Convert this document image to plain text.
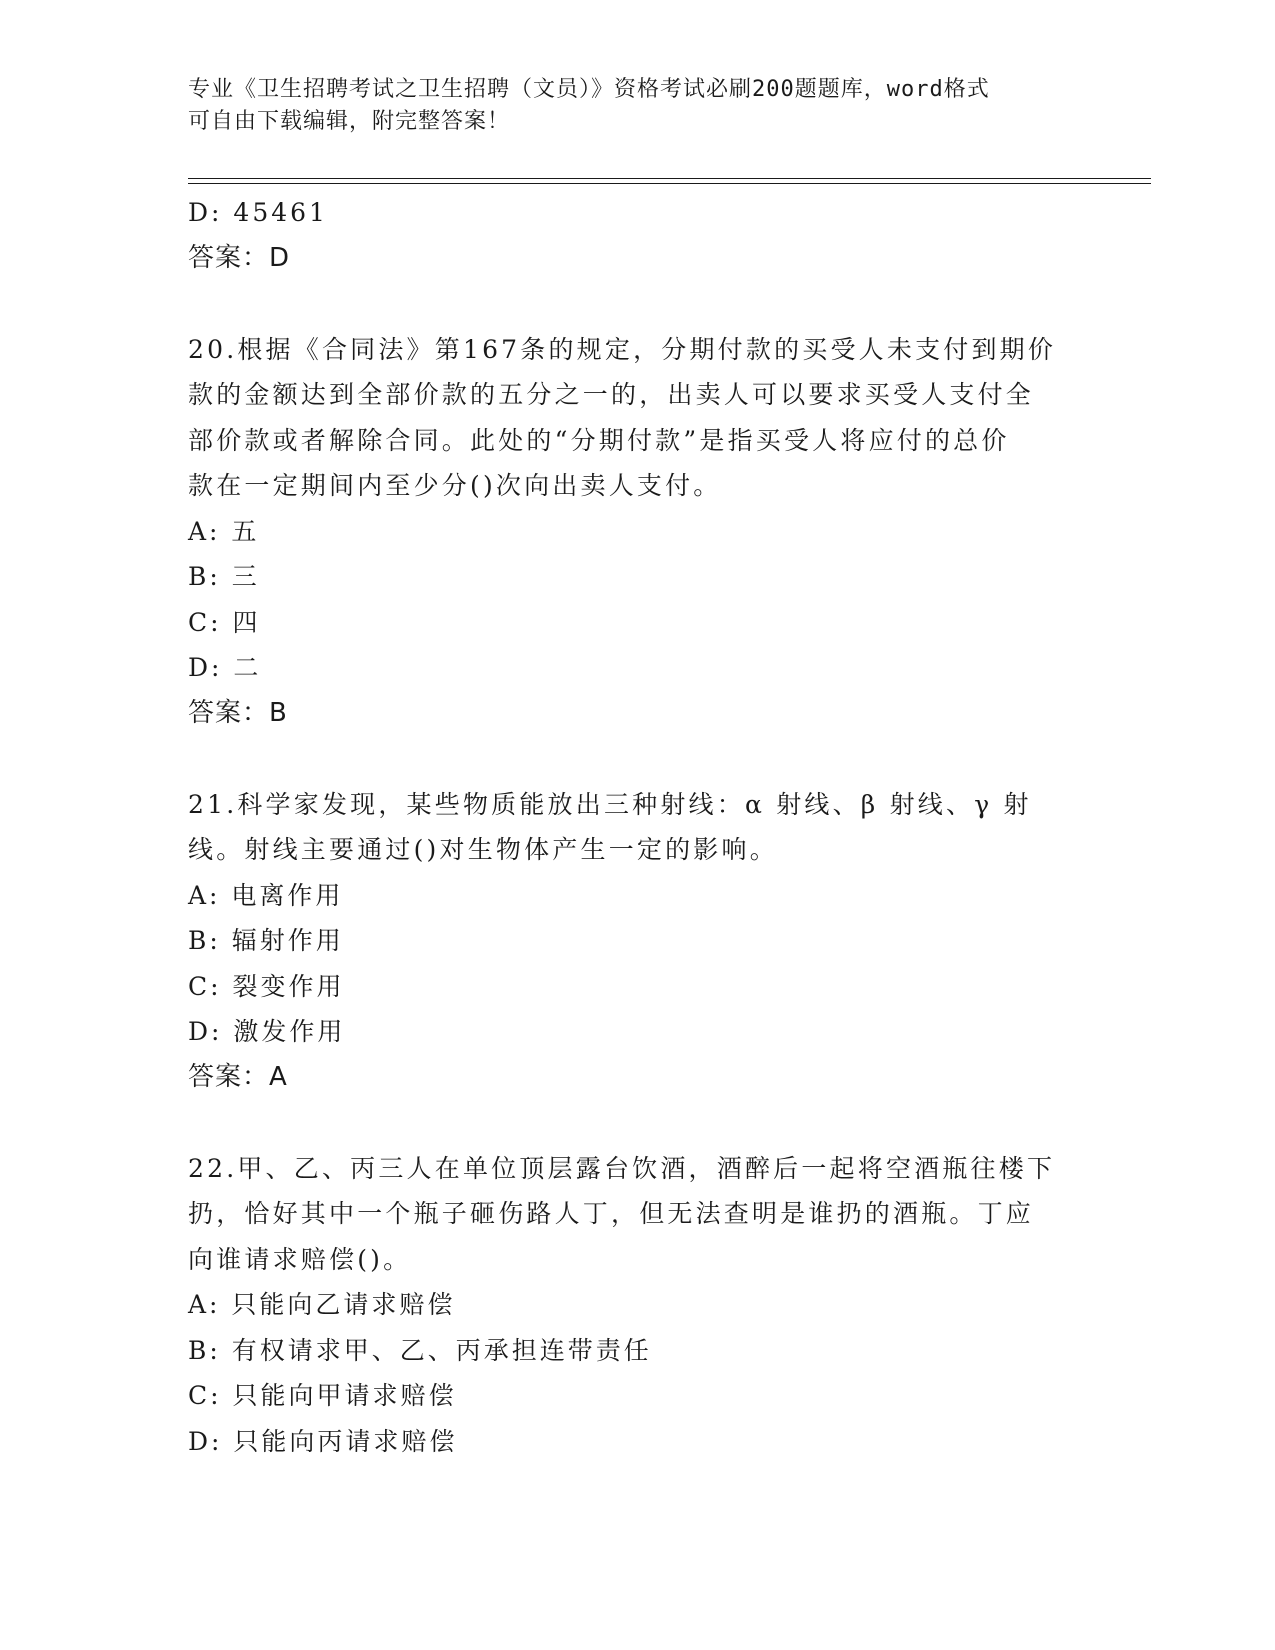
专业《卫生招聘考试之卫生招聘（文员）》资格考试必刷200题题库，word格式
可自由下载编辑，附完整答案！
D: 45461
答案：D
20.根据《合同法》第167条的规定，分期付款的买受人未支付到期价
款的金额达到全部价款的五分之一的，出卖人可以要求买受人支付全
部价款或者解除合同。此处的“分期付款”是指买受人将应付的总价
款在一定期间内至少分()次向出卖人支付。
A: 五
B: 三
C: 四
D: 二
答案：B
21.科学家发现，某些物质能放出三种射线：α 射线、β 射线、γ 射
线。射线主要通过()对生物体产生一定的影响。
A: 电离作用
B: 辐射作用
C: 裂变作用
D: 激发作用
答案：A
22.甲、乙、丙三人在单位顶层露台饮酒，酒醉后一起将空酒瓶往楼下
扔，恰好其中一个瓶子砸伤路人丁，但无法查明是谁扔的酒瓶。丁应
向谁请求赔偿()。
A: 只能向乙请求赔偿
B: 有权请求甲、乙、丙承担连带责任
C: 只能向甲请求赔偿
D: 只能向丙请求赔偿
